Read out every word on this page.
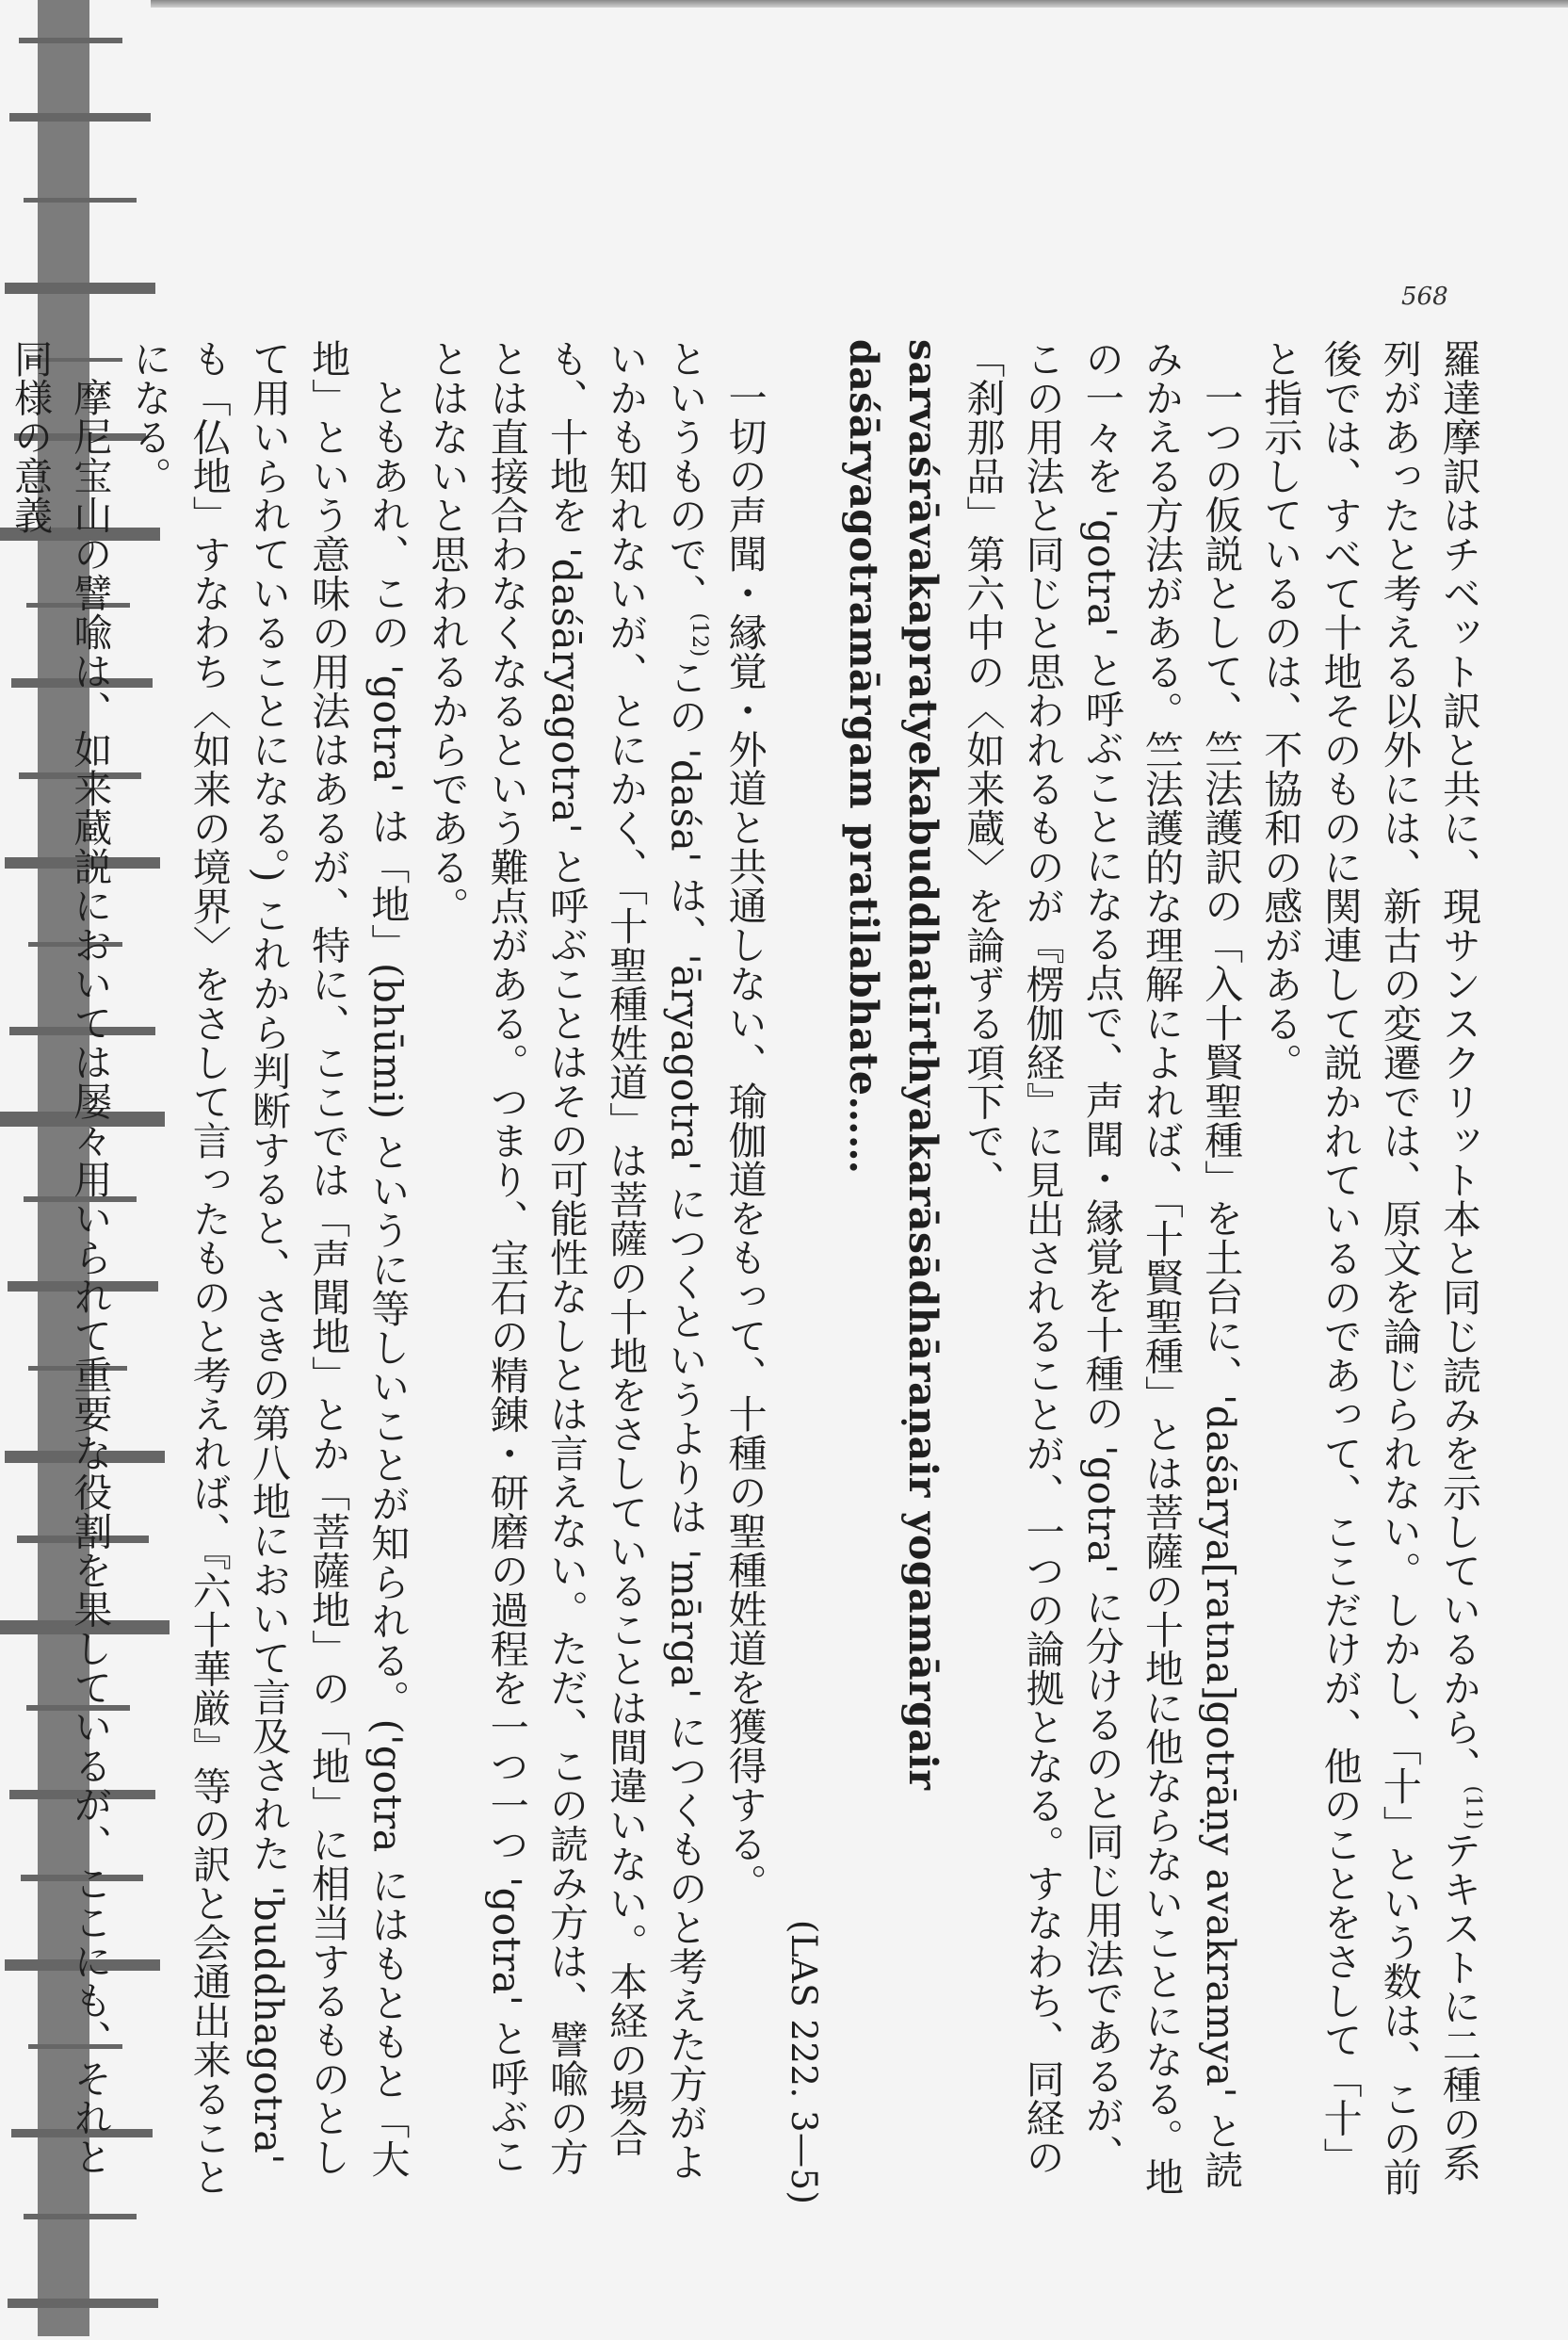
568

羅達摩訳はチベット訳と共に、現サンスクリット本と同じ読みを示しているから、$^{(11)}$テキストに二種の系列があったと考える以外には、新古の変遷では、原文を論じられない。しかし、「十」という数は、この前後では、すべて十地そのものに関連して説かれているのであって、ここだけが、他のことをさして「十」と指示しているのは、不協和の感がある。

一つの仮説として、竺法護訳の「入十賢聖種」を土台に、'daśārya[ratna]gotrāṇy avakramya' と読みかえる方法がある。竺法護的な理解によれば、「十賢聖種」とは菩薩の十地に他ならないことになる。地の一々を 'gotra' と呼ぶことになる点で、声聞・縁覚を十種の 'gotra' に分けるのと同じ用法であるが、この用法と同じと思われるものが『楞伽経』に見出されることが、一つの論拠となる。すなわち、同経の「刹那品」第六中の〈如来蔵〉を論ずる項下で、

sarvaśrāvakapratyekabuddhatīrthyakarāsādhāraṇair yogamārgair daśāryagotramārgam pratilabhate……

(LAS 222. 3—5)

一切の声聞・縁覚・外道と共通しない、瑜伽道をもって、十種の聖種姓道を獲得する。

というもので、$^{(12)}$この 'daśa' は、'āryagotra' につくというよりは 'mārga' につくものと考えた方がよいかも知れないが、とにかく、「十聖種姓道」は菩薩の十地をさしていることは間違いない。本経の場合も、十地を 'daśāryagotra' と呼ぶことはその可能性なしとは言えない。ただ、この読み方は、譬喩の方とは直接合わなくなるという難点がある。つまり、宝石の精錬・研磨の過程を一つ一つ 'gotra' と呼ぶことはないと思われるからである。

ともあれ、この 'gotra' は「地」(bhūmi) というに等しいことが知られる。('gotra にはもともと「大地」という意味の用法はあるが、特に、ここでは「声聞地」とか「菩薩地」の「地」に相当するものとして用いられていることになる。) これから判断すると、さきの第八地において言及された 'buddhagotra' も「仏地」すなわち〈如来の境界〉をさして言ったものと考えれば、『六十華厳』等の訳と会通出来ることになる。

摩尼宝山の譬喩は、如来蔵説においては屡々用いられて重要な役割を果しているが、ここにも、それと同様の意義
